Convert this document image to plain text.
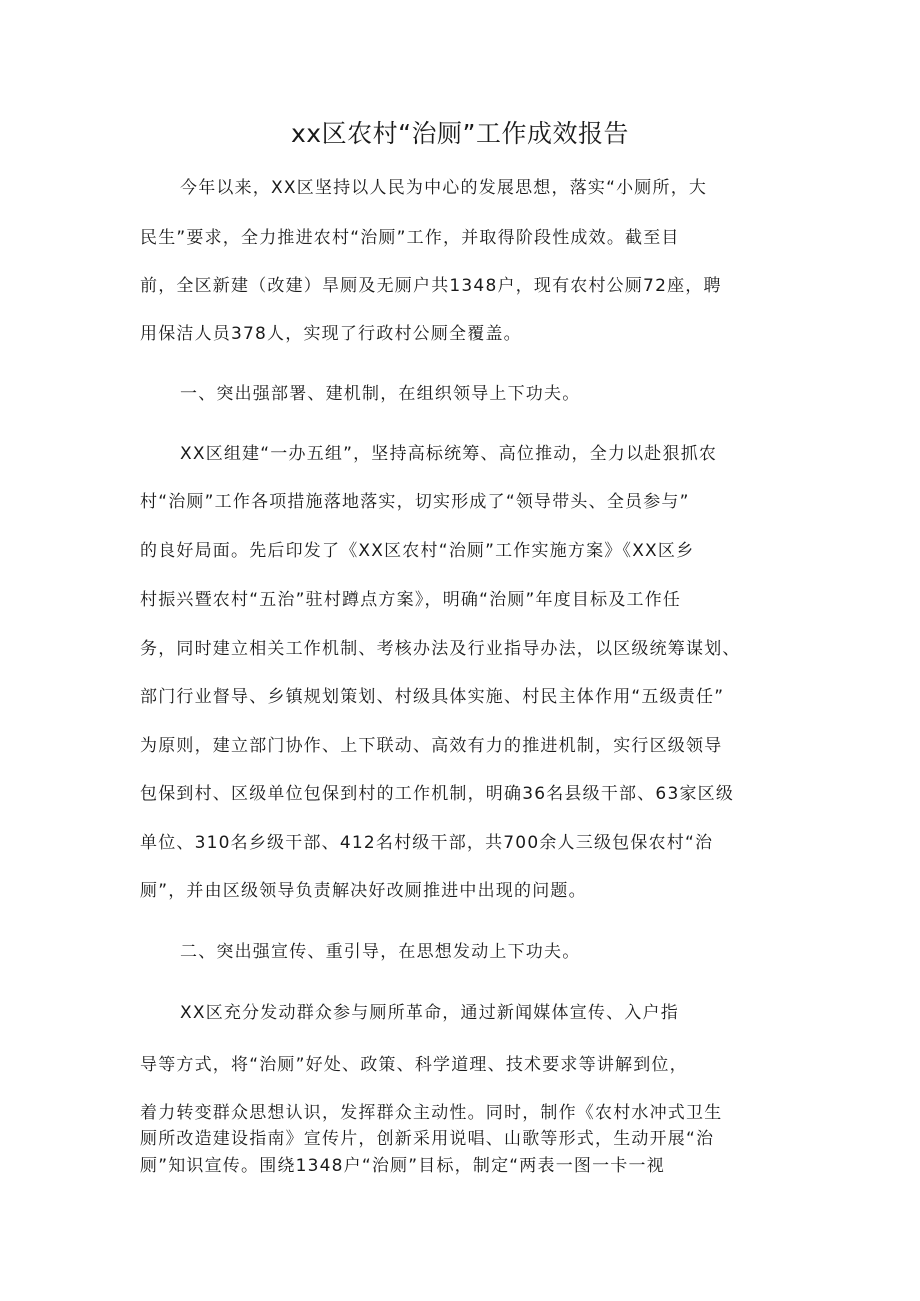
xx区农村“治厕”工作成效报告

今年以来，XX区坚持以人民为中心的发展思想，落实“小厕所，大

民生”要求，全力推进农村“治厕”工作，并取得阶段性成效。截至目

前，全区新建（改建）旱厕及无厕户共1348户，现有农村公厕72座，聘

用保洁人员378人，实现了行政村公厕全覆盖。

一、突出强部署、建机制，在组织领导上下功夫。

XX区组建“一办五组”，坚持高标统筹、高位推动，全力以赴狠抓农

村“治厕”工作各项措施落地落实，切实形成了“领导带头、全员参与”

的良好局面。先后印发了《XX区农村“治厕”工作实施方案》《XX区乡

村振兴暨农村“五治”驻村蹲点方案》，明确“治厕”年度目标及工作任

务，同时建立相关工作机制、考核办法及行业指导办法，以区级统筹谋划、

部门行业督导、乡镇规划策划、村级具体实施、村民主体作用“五级责任”

为原则，建立部门协作、上下联动、高效有力的推进机制，实行区级领导

包保到村、区级单位包保到村的工作机制，明确36名县级干部、63家区级

单位、310名乡级干部、412名村级干部，共700余人三级包保农村“治

厕”，并由区级领导负责解决好改厕推进中出现的问题。

二、突出强宣传、重引导，在思想发动上下功夫。

XX区充分发动群众参与厕所革命，通过新闻媒体宣传、入户指

导等方式，将“治厕”好处、政策、科学道理、技术要求等讲解到位，

着力转变群众思想认识，发挥群众主动性。同时，制作《农村水冲式卫生

厕所改造建设指南》宣传片，创新采用说唱、山歌等形式，生动开展“治

厕”知识宣传。围绕1348户“治厕”目标，制定“两表一图一卡一视
